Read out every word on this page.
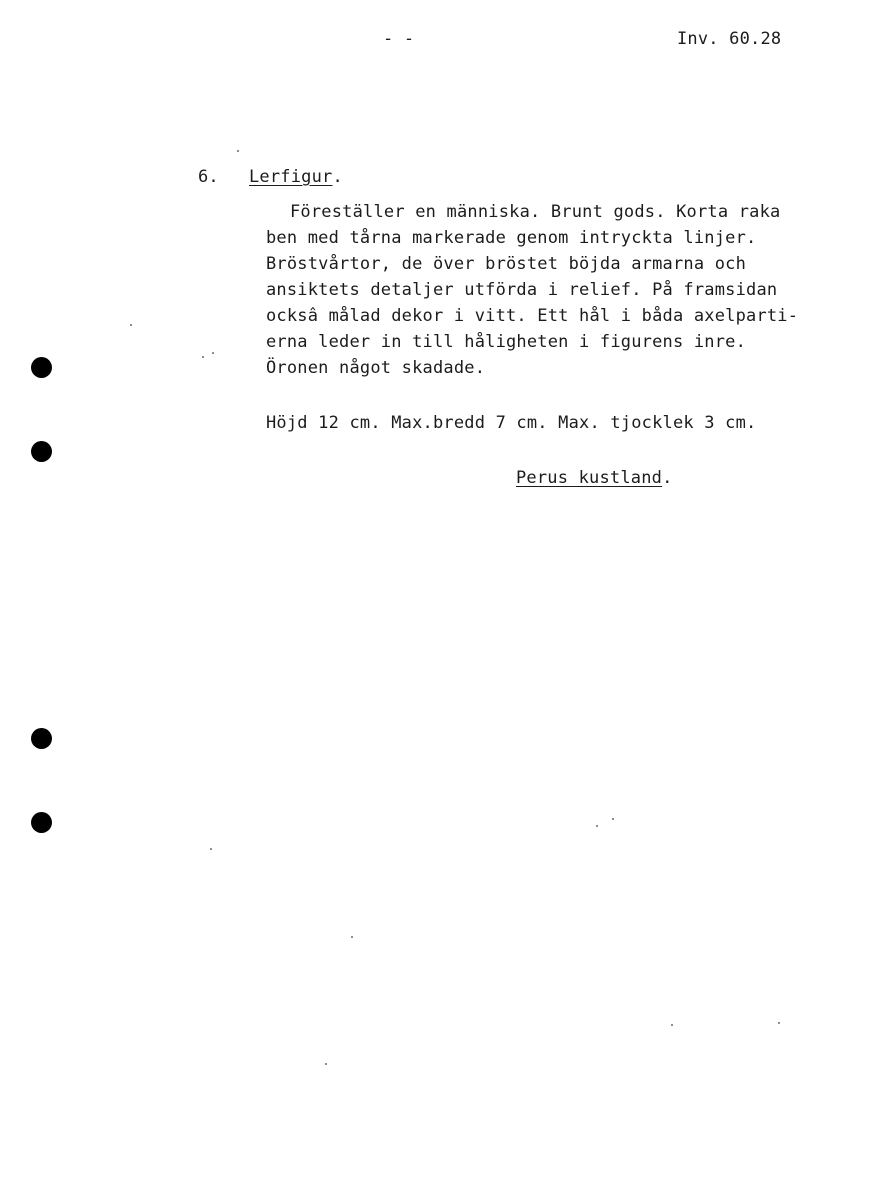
- -	Inv. 60.28
6. Lerfigur.
Föreställer en människa. Brunt gods. Korta raka
ben med tårna markerade genom intryckta linjer.
Bröstvårtor, de över bröstet böjda armarna och
ansiktets detaljer utförda i relief. På framsidan
ocksâ målad dekor i vitt. Ett hål i båda axelparti-
erna leder in till håligheten i figurens inre.
Öronen något skadade.
Höjd 12 cm. Max.bredd 7 cm. Max. tjocklek 3 cm.
Perus kustland.
